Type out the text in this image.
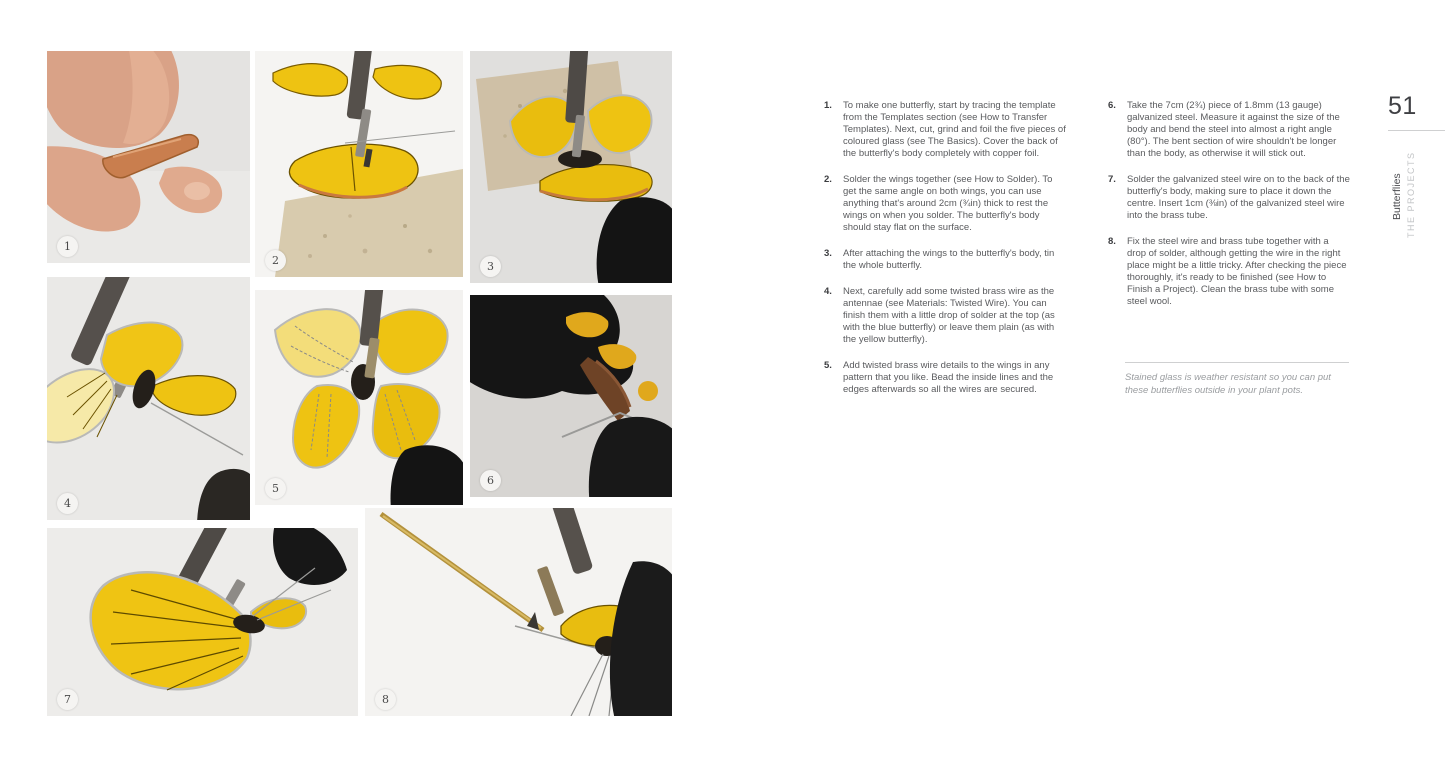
1
2	3
4
5
6
7	8
1.	To make one butterfly, start by tracing the template from the Templates section (see How to Transfer Templates). Next, cut, grind and foil the five pieces of coloured glass (see The Basics). Cover the back of the butterfly's body completely with copper foil.

2.	Solder the wings together (see How to Solder). To get the same angle on both wings, you can use anything that's around 2cm (¾in) thick to rest the wings on when you solder. The butterfly's body should stay flat on the surface.

3.	After attaching the wings to the butterfly's body, tin the whole butterfly.

4.	Next, carefully add some twisted brass wire as the antennae (see Materials: Twisted Wire). You can finish them with a little drop of solder at the top (as with the blue butterfly) or leave them plain (as with the yellow butterfly).

5.	Add twisted brass wire details to the wings in any pattern that you like. Bead the inside lines and the edges afterwards so all the wires are secured.

6.	Take the 7cm (2¾) piece of 1.8mm (13 gauge) galvanized steel. Measure it against the size of the body and bend the steel into almost a right angle (80°). The bent section of wire shouldn't be longer than the body, as otherwise it will stick out.

7.	Solder the galvanized steel wire on to the back of the butterfly's body, making sure to place it down the centre. Insert 1cm (⅜in) of the galvanized steel wire into the brass tube.

8.	Fix the steel wire and brass tube together with a drop of solder, although getting the wire in the right place might be a little tricky. After checking the piece thoroughly, it's ready to be finished (see How to Finish a Project). Clean the brass tube with some steel wool.

Stained glass is weather resistant so you can put these butterflies outside in your plant pots.

51
Butterflies THE PROJECTS
